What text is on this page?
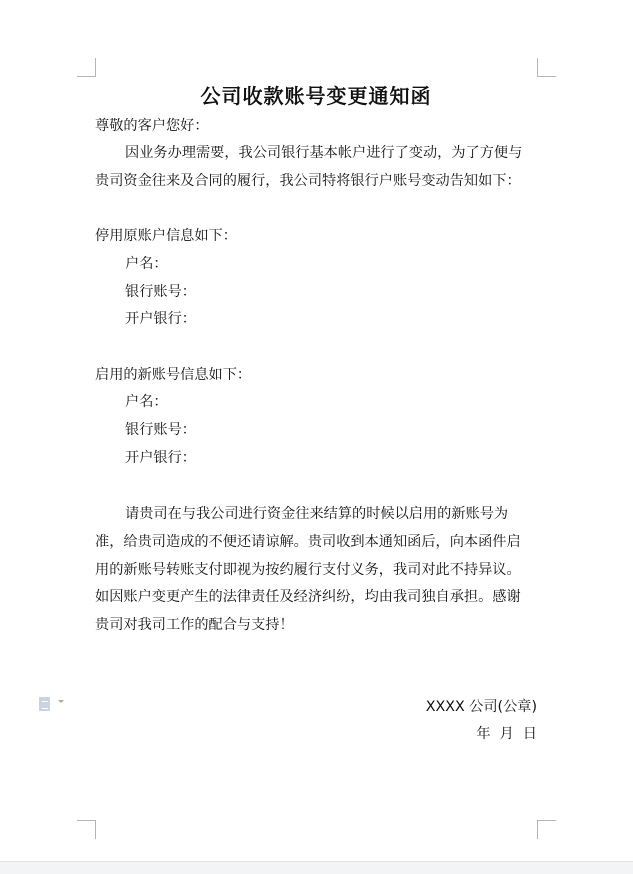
公司收款账号变更通知函
尊敬的客户您好：
因业务办理需要，我公司银行基本帐户进行了变动，为了方便与
贵司资金往来及合同的履行，我公司特将银行户账号变动告知如下：
停用原账户信息如下：
户名：
银行账号：
开户银行：
启用的新账号信息如下：
户名：
银行账号：
开户银行：
请贵司在与我公司进行资金往来结算的时候以启用的新账号为
准，给贵司造成的不便还请谅解。贵司收到本通知函后，向本函件启
用的新账号转账支付即视为按约履行支付义务，我司对此不持异议。
如因账户变更产生的法律责任及经济纠纷，均由我司独自承担。感谢
贵司对我司工作的配合与支持！
XXXX 公司(公章)
年  月  日
